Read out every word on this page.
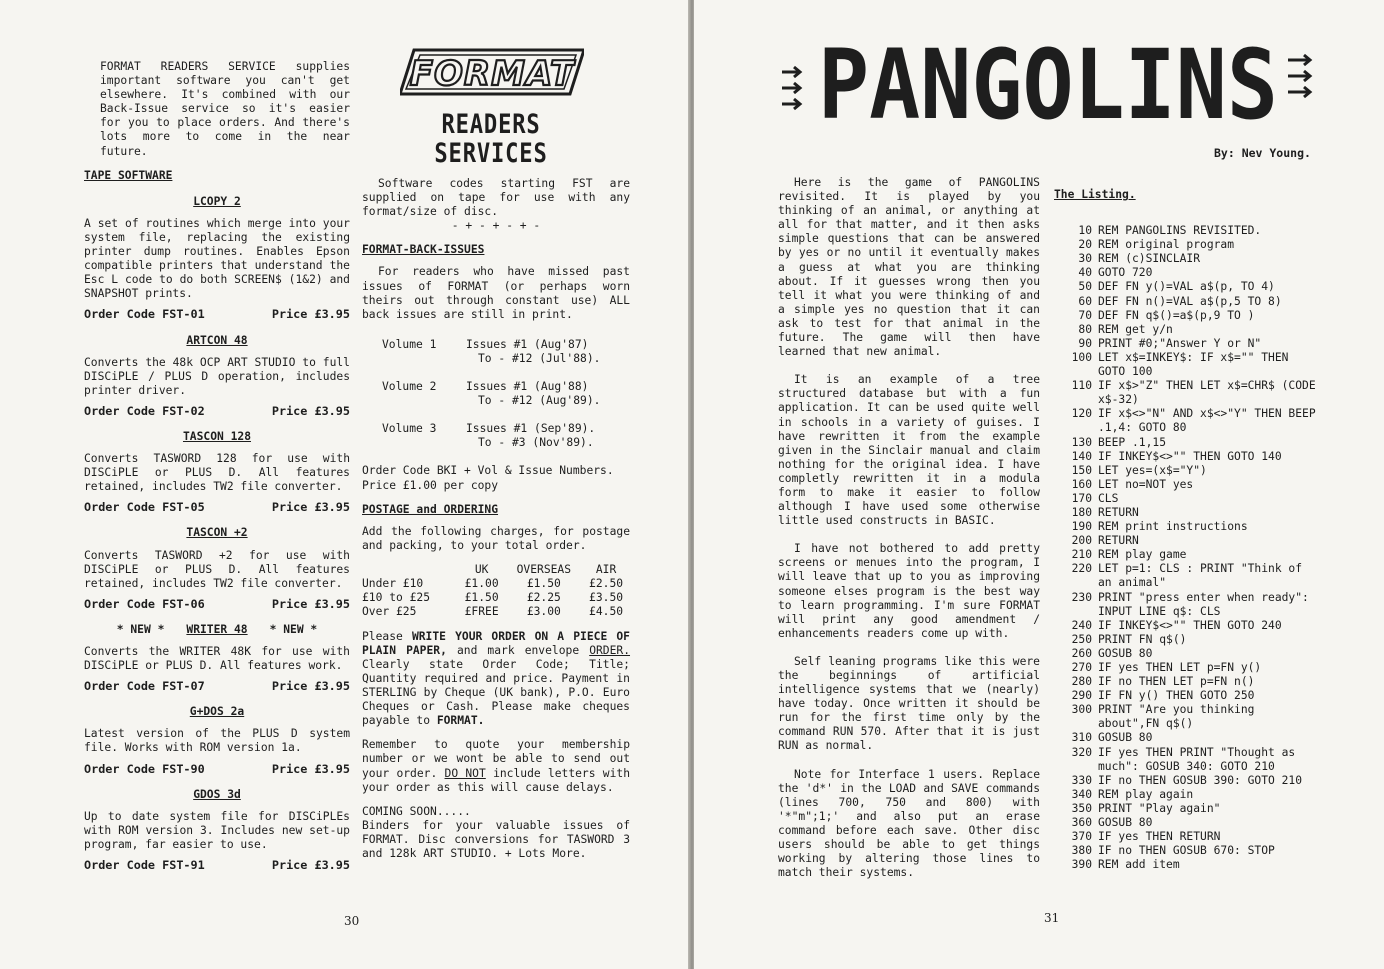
FORMAT READERS SERVICE supplies important software you can't get elsewhere. It's combined with our Back-Issue service so it's easier for you to place orders. And there's lots more to come in the near future.

TAPE SOFTWARE
LCOPY 2

A set of routines which merge into your system file, replacing the existing printer dump routines. Enables Epson compatible printers that understand the Esc L code to do both SCREEN$ (1&2) and SNAPSHOT prints.

Order Code FST-01	Price £3.95
ARTCON 48

Converts the 48k OCP ART STUDIO to full DISCiPLE / PLUS D operation, includes printer driver.

Order Code FST-02	Price £3.95
TASCON 128

Converts TASWORD 128 for use with DISCiPLE or PLUS D. All features retained, includes TW2 file converter.

Order Code FST-05	Price £3.95
TASCON +2

Converts TASWORD +2 for use with DISCiPLE or PLUS D. All features retained, includes TW2 file converter.

Order Code FST-06	Price £3.95
* NEW * WRITER 48 * NEW *

Converts the WRITER 48K for use with DISCiPLE or PLUS D. All features work.

Order Code FST-07	Price £3.95
G+DOS 2a

Latest version of the PLUS D system file. Works with ROM version 1a.

Order Code FST-90	Price £3.95
GDOS 3d

Up to date system file for DISCiPLEs with ROM version 3. Includes new set-up program, far easier to use.

Order Code FST-91	Price £3.95
FORMAT
READERS
SERVICES

Software codes starting FST are supplied on tape for use with any format/size of disc.

- + - + - + -
FORMAT-BACK-ISSUES

For readers who have missed past issues of FORMAT (or perhaps worn theirs out through constant use) ALL back issues are still in print.

Volume 1	Issues #1 (Aug'87)
To - #12 (Jul'88).
Volume 2	Issues #1 (Aug'88)
To - #12 (Aug'89).
Volume 3	Issues #1 (Sep'89).
To - #3 (Nov'89).
Order Code BKI + Vol & Issue Numbers.
Price £1.00 per copy
POSTAGE and ORDERING

Add the following charges, for postage and packing, to your total order.

	UK	OVERSEAS	AIR
Under £10	£1.00	£1.50	£2.50
£10 to £25	£1.50	£2.25	£3.50
Over £25	£FREE	£3.00	£4.50

Please WRITE YOUR ORDER ON A PIECE OF PLAIN PAPER, and mark envelope ORDER. Clearly state Order Code; Title; Quantity required and price. Payment in STERLING by Cheque (UK bank), P.O. Euro Cheques or Cash. Please make cheques payable to FORMAT.

Remember to quote your membership number or we wont be able to send out your order. DO NOT include letters with your order as this will cause delays.

COMING SOON.....

Binders for your valuable issues of FORMAT. Disc conversions for TASWORD 3 and 128k ART STUDIO. + Lots More.

30
PANGOLINS
By: Nev Young.

Here is the game of PANGOLINS revisited. It is played by you thinking of an animal, or anything at all for that matter, and it then asks simple questions that can be answered by yes or no until it eventually makes a guess at what you are thinking about. If it guesses wrong then you tell it what you were thinking of and a simple yes no question that it can ask to test for that animal in the future. The game will then have learned that new animal.

It is an example of a tree structured database but with a fun application. It can be used quite well in schools in a variety of guises. I have rewritten it from the example given in the Sinclair manual and claim nothing for the original idea. I have completly rewritten it in a modula form to make it easier to follow although I have used some otherwise little used constructs in BASIC.

I have not bothered to add pretty screens or menues into the program, I will leave that up to you as improving someone elses program is the best way to learn programming. I'm sure FORMAT will print any good amendment / enhancements readers come up with.

Self leaning programs like this were the beginnings of artificial intelligence systems that we (nearly) have today. Once written it should be run for the first time only by the command RUN 570. After that it is just RUN as normal.

Note for Interface 1 users. Replace the 'd*' in the LOAD and SAVE commands (lines 700, 750 and 800) with '*"m";1;' and also put an erase command before each save. Other disc users should be able to get things working by altering those lines to match their systems.

The Listing.
10 REM PANGOLINS REVISITED.
20 REM original program
30 REM (c)SINCLAIR
40 GOTO 720
50 DEF FN y()=VAL a$(p, TO 4)
60 DEF FN n()=VAL a$(p,5 TO 8)
70 DEF FN q$()=a$(p,9 TO )
80 REM get y/n
90 PRINT #0;"Answer Y or N"
100 LET x$=INKEY$: IF x$="" THEN GOTO 100
110 IF x$>"Z" THEN LET x$=CHR$ (CODE x$-32)
120 IF x$<>"N" AND x$<>"Y" THEN BEEP .1,4: GOTO 80
130 BEEP .1,15
140 IF INKEY$<>"" THEN GOTO 140
150 LET yes=(x$="Y")
160 LET no=NOT yes
170 CLS
180 RETURN
190 REM print instructions
200 RETURN
210 REM play game
220 LET p=1: CLS : PRINT "Think of an animal"
230 PRINT "press enter when ready": INPUT LINE q$: CLS
240 IF INKEY$<>"" THEN GOTO 240
250 PRINT FN q$()
260 GOSUB 80
270 IF yes THEN LET p=FN y()
280 IF no THEN LET p=FN n()
290 IF FN y() THEN GOTO 250
300 PRINT "Are you thinking about",FN q$()
310 GOSUB 80
320 IF yes THEN PRINT "Thought as much": GOSUB 340: GOTO 210
330 IF no THEN GOSUB 390: GOTO 210
340 REM play again
350 PRINT "Play again"
360 GOSUB 80
370 IF yes THEN RETURN
380 IF no THEN GOSUB 670: STOP
390 REM add item
31
